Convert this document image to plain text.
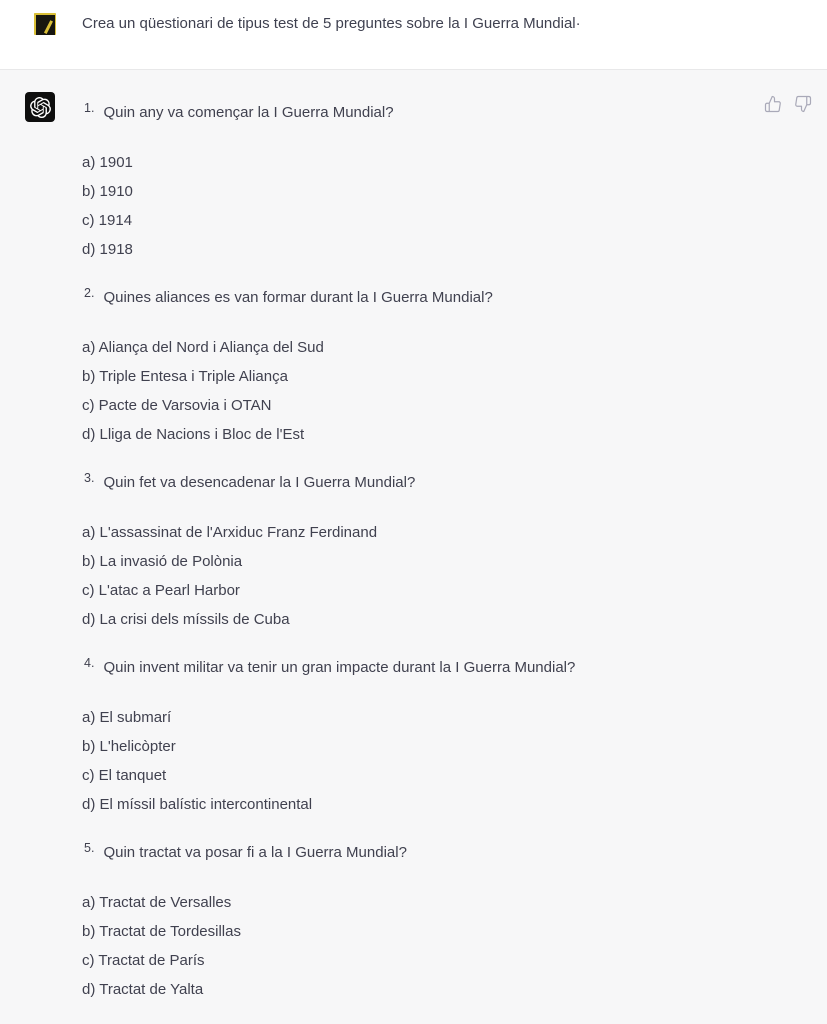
Crea un qüestionari de tipus test de 5 preguntes sobre la I Guerra Mundial·
1. Quin any va començar la I Guerra Mundial?
a) 1901
b) 1910
c) 1914
d) 1918
2. Quines aliances es van formar durant la I Guerra Mundial?
a) Aliança del Nord i Aliança del Sud
b) Triple Entesa i Triple Aliança
c) Pacte de Varsovia i OTAN
d) Lliga de Nacions i Bloc de l'Est
3. Quin fet va desencadenar la I Guerra Mundial?
a) L'assassinat de l'Arxiduc Franz Ferdinand
b) La invasió de Polònia
c) L'atac a Pearl Harbor
d) La crisi dels míssils de Cuba
4. Quin invent militar va tenir un gran impacte durant la I Guerra Mundial?
a) El submarí
b) L'helicòpter
c) El tanquet
d) El míssil balístic intercontinental
5. Quin tractat va posar fi a la I Guerra Mundial?
a) Tractat de Versalles
b) Tractat de Tordesillas
c) Tractat de París
d) Tractat de Yalta
